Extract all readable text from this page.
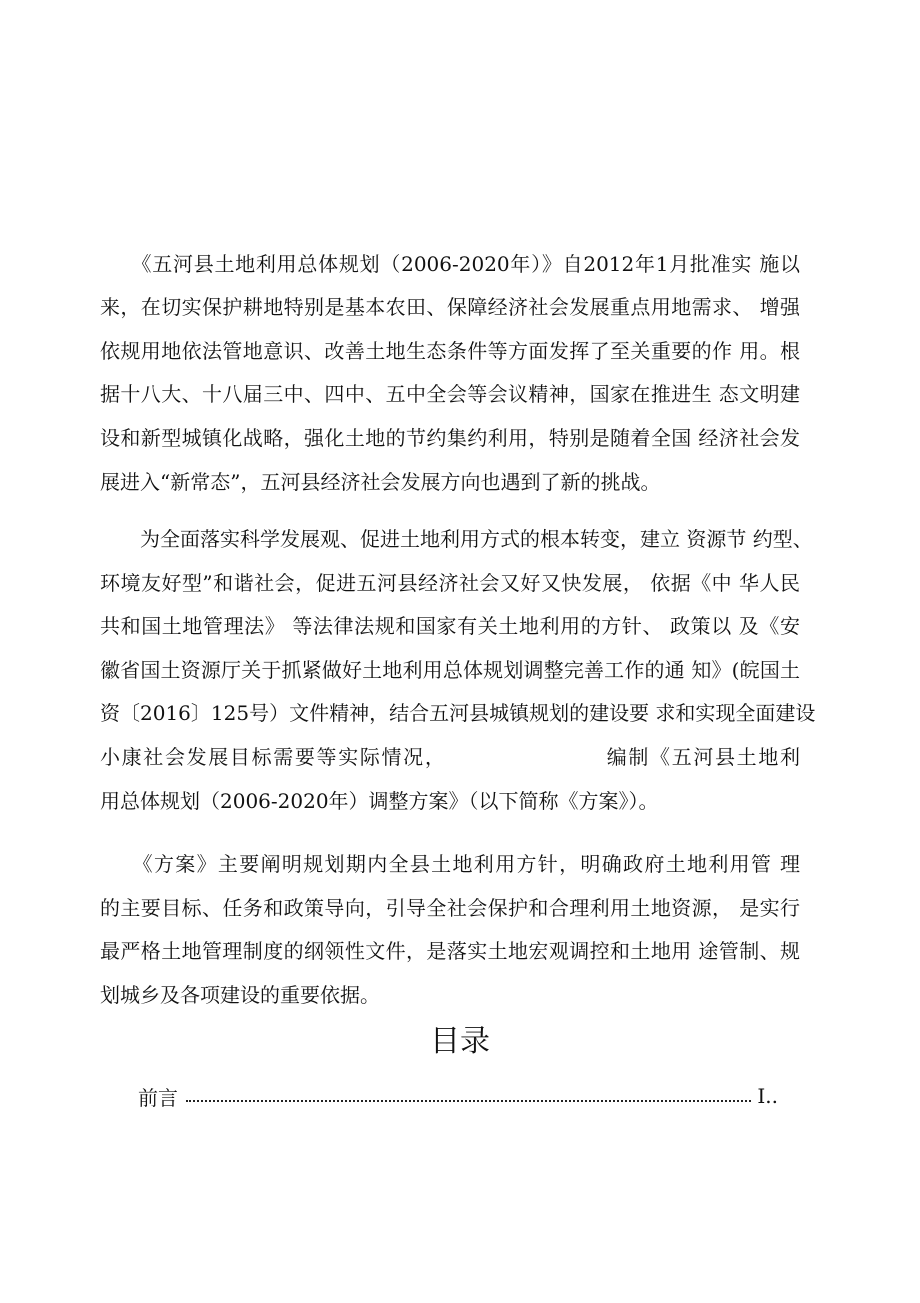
　　《五河县土地利用总体规划（2006-2020年）》自2012年1月批准实 施以
来，在切实保护耕地特别是基本农田、保障经济社会发展重点用地需求、 增强
依规用地依法管地意识、改善土地生态条件等方面发挥了至关重要的作 用。根
据十八大、十八届三中、四中、五中全会等会议精神，国家在推进生 态文明建
设和新型城镇化战略，强化土地的节约集约利用，特别是随着全国 经济社会发
展进入“新常态”，五河县经济社会发展方向也遇到了新的挑战。
　　为全面落实科学发展观、促进土地利用方式的根本转变，建立 资源节 约型、
环境友好型”和谐社会，促进五河县经济社会又好又快发展， 依据《中 华人民
共和国土地管理法》 等法律法规和国家有关土地利用的方针、 政策以 及《安
徽省国土资源厅关于抓紧做好土地利用总体规划调整完善工作的通 知》(皖国土
资〔2016〕125号）文件精神，结合五河县城镇规划的建设要 求和实现全面建设
小康社会发展目标需要等实际情况，                    编制《五河县土地利
用总体规划（2006-2020年）调整方案》（以下简称《方案》）。
　　《方案》主要阐明规划期内全县土地利用方针，明确政府土地利用管 理
的主要目标、任务和政策导向，引导全社会保护和合理利用土地资源， 是实行
最严格土地管理制度的纲领性文件，是落实土地宏观调控和土地用 途管制、规
划城乡及各项建设的重要依据。
目录
前言	I..
